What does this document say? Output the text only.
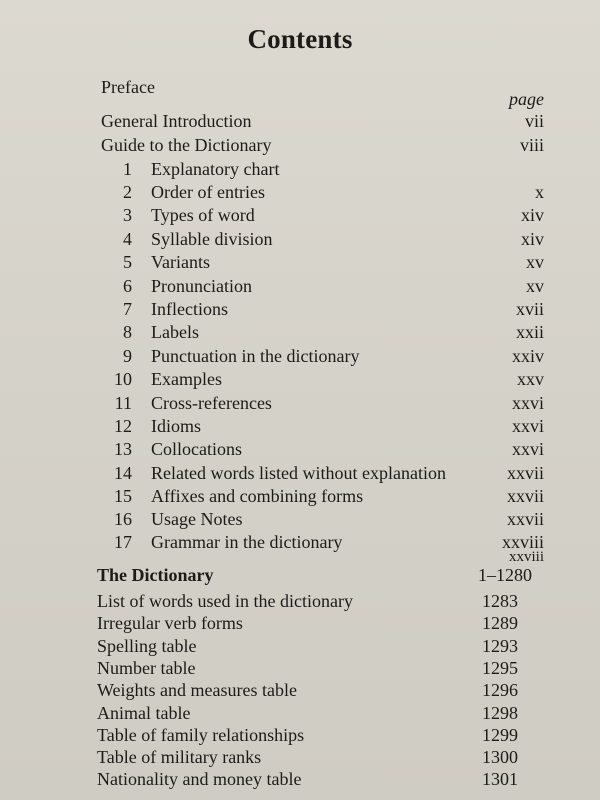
Contents
Preface
page
General Introduction	vii
Guide to the Dictionary	viii
1 Explanatory chart
2 Order of entries	x
3 Types of word	xiv
4 Syllable division	xiv
5 Variants	xv
6 Pronunciation	xv
7 Inflections	xvii
8 Labels	xxii
9 Punctuation in the dictionary	xxiv
10 Examples	xxv
11 Cross-references	xxvi
12 Idioms	xxvi
13 Collocations	xxvi
14 Related words listed without explanation	xxvii
15 Affixes and combining forms	xxvii
16 Usage Notes	xxvii
17 Grammar in the dictionary	xxviii
xxviii
The Dictionary	1–1280
List of words used in the dictionary	1283
Irregular verb forms	1289
Spelling table	1293
Number table	1295
Weights and measures table	1296
Animal table	1298
Table of family relationships	1299
Table of military ranks	1300
Nationality and money table	1301
